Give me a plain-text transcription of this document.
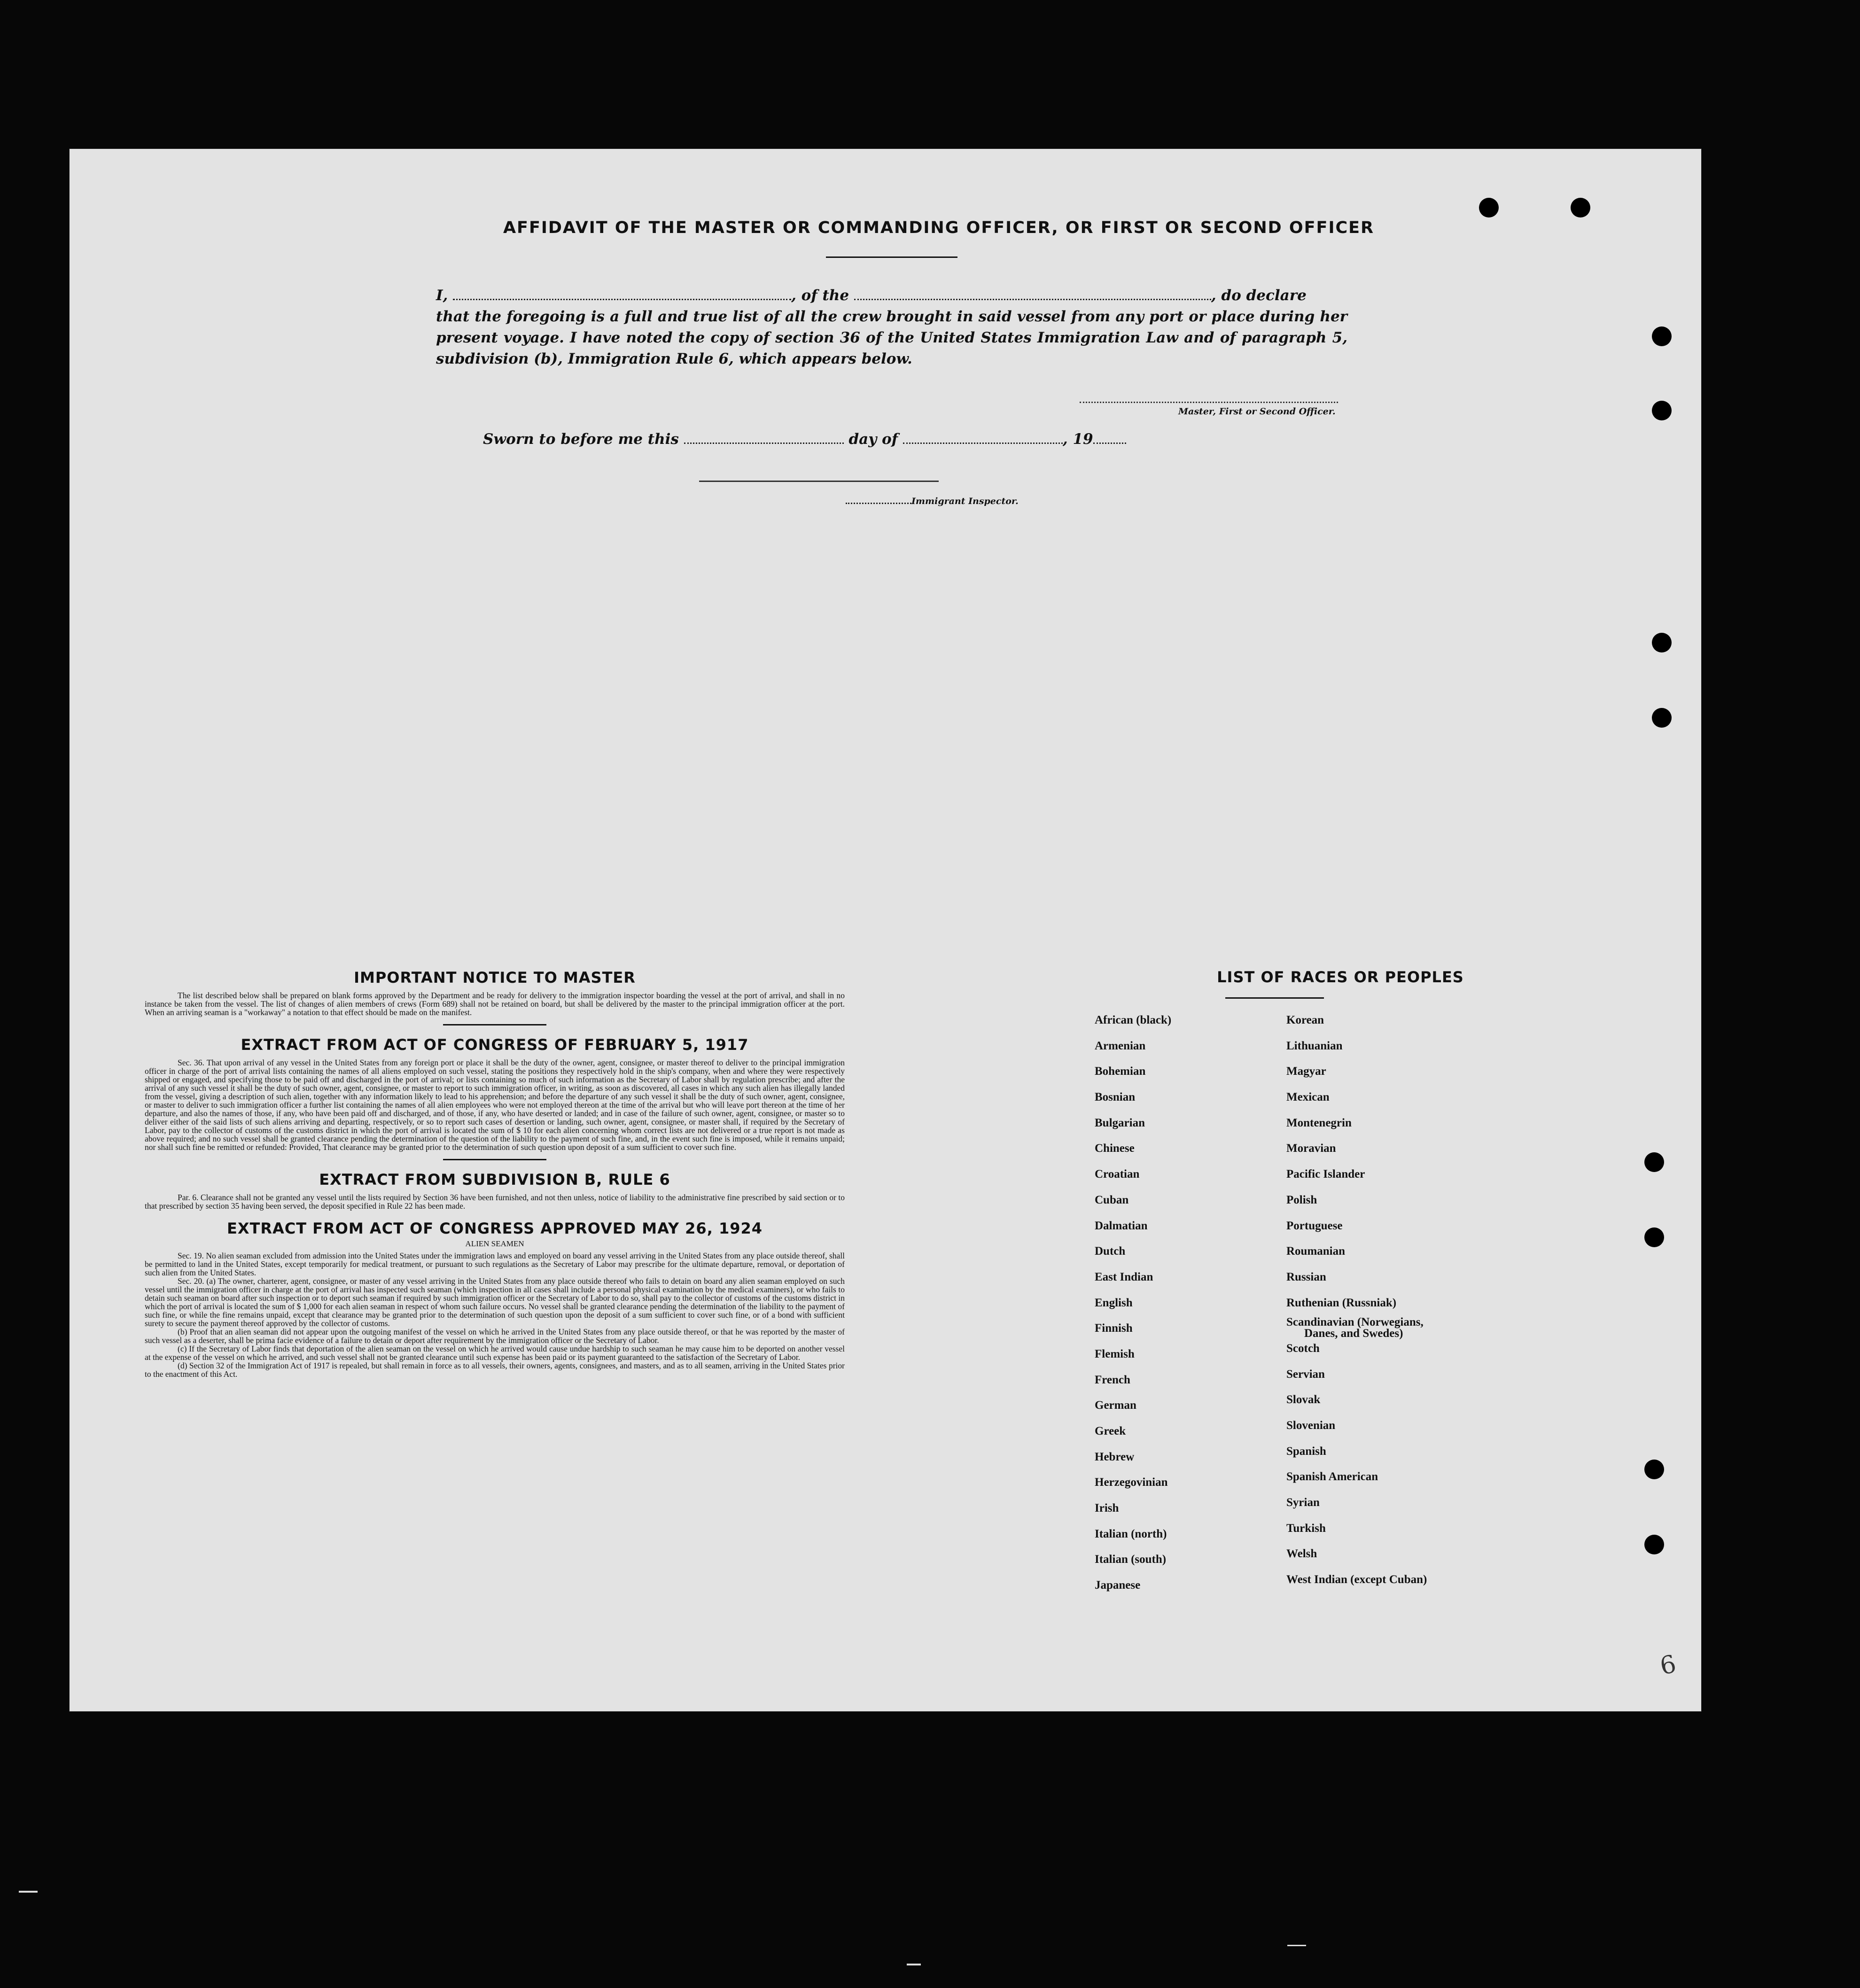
AFFIDAVIT OF THE MASTER OR COMMANDING OFFICER, OR FIRST OR SECOND OFFICER
I,	, of the	, do declare
that the foregoing is a full and true list of all the crew brought in said vessel from any port or place during her present voyage. I have noted the copy of section 36 of the United States Immigration Law and of paragraph 5, subdivision (b), Immigration Rule 6, which appears below.
Master, First or Second Officer.
Sworn to before me this	day of	, 19
Immigrant Inspector.
IMPORTANT NOTICE TO MASTER

The list described below shall be prepared on blank forms approved by the Department and be ready for delivery to the immigration inspector boarding the vessel at the port of arrival, and shall in no instance be taken from the vessel. The list of changes of alien members of crews (Form 689) shall not be retained on board, but shall be delivered by the master to the principal immigration officer at the port. When an arriving seaman is a "workaway" a notation to that effect should be made on the manifest.

EXTRACT FROM ACT OF CONGRESS OF FEBRUARY 5, 1917

Sec. 36. That upon arrival of any vessel in the United States from any foreign port or place it shall be the duty of the owner, agent, consignee, or master thereof to deliver to the principal immigration officer in charge of the port of arrival lists containing the names of all aliens employed on such vessel, stating the positions they respectively hold in the ship's company, when and where they were respectively shipped or engaged, and specifying those to be paid off and discharged in the port of arrival; or lists containing so much of such information as the Secretary of Labor shall by regulation prescribe; and after the arrival of any such vessel it shall be the duty of such owner, agent, consignee, or master to report to such immigration officer, in writing, as soon as discovered, all cases in which any such alien has illegally landed from the vessel, giving a description of such alien, together with any information likely to lead to his apprehension; and before the departure of any such vessel it shall be the duty of such owner, agent, consignee, or master to deliver to such immigration officer a further list containing the names of all alien employees who were not employed thereon at the time of the arrival but who will leave port thereon at the time of her departure, and also the names of those, if any, who have been paid off and discharged, and of those, if any, who have deserted or landed; and in case of the failure of such owner, agent, consignee, or master so to deliver either of the said lists of such aliens arriving and departing, respectively, or so to report such cases of desertion or landing, such owner, agent, consignee, or master shall, if required by the Secretary of Labor, pay to the collector of customs of the customs district in which the port of arrival is located the sum of $ 10 for each alien concerning whom correct lists are not delivered or a true report is not made as above required; and no such vessel shall be granted clearance pending the determination of the question of the liability to the payment of such fine, and, in the event such fine is imposed, while it remains unpaid; nor shall such fine be remitted or refunded: Provided, That clearance may be granted prior to the determination of such question upon deposit of a sum sufficient to cover such fine.

EXTRACT FROM SUBDIVISION B, RULE 6

Par. 6. Clearance shall not be granted any vessel until the lists required by Section 36 have been furnished, and not then unless, notice of liability to the administrative fine prescribed by said section or to that prescribed by section 35 having been served, the deposit specified in Rule 22 has been made.

EXTRACT FROM ACT OF CONGRESS APPROVED MAY 26, 1924
ALIEN SEAMEN

Sec. 19. No alien seaman excluded from admission into the United States under the immigration laws and employed on board any vessel arriving in the United States from any place outside thereof, shall be permitted to land in the United States, except temporarily for medical treatment, or pursuant to such regulations as the Secretary of Labor may prescribe for the ultimate departure, removal, or deportation of such alien from the United States.

Sec. 20. (a) The owner, charterer, agent, consignee, or master of any vessel arriving in the United States from any place outside thereof who fails to detain on board any alien seaman employed on such vessel until the immigration officer in charge at the port of arrival has inspected such seaman (which inspection in all cases shall include a personal physical examination by the medical examiners), or who fails to detain such seaman on board after such inspection or to deport such seaman if required by such immigration officer or the Secretary of Labor to do so, shall pay to the collector of customs of the customs district in which the port of arrival is located the sum of $ 1,000 for each alien seaman in respect of whom such failure occurs. No vessel shall be granted clearance pending the determination of the liability to the payment of such fine, or while the fine remains unpaid, except that clearance may be granted prior to the determination of such question upon the deposit of a sum sufficient to cover such fine, or of a bond with sufficient surety to secure the payment thereof approved by the collector of customs.

(b) Proof that an alien seaman did not appear upon the outgoing manifest of the vessel on which he arrived in the United States from any place outside thereof, or that he was reported by the master of such vessel as a deserter, shall be prima facie evidence of a failure to detain or deport after requirement by the immigration officer or the Secretary of Labor.

(c) If the Secretary of Labor finds that deportation of the alien seaman on the vessel on which he arrived would cause undue hardship to such seaman he may cause him to be deported on another vessel at the expense of the vessel on which he arrived, and such vessel shall not be granted clearance until such expense has been paid or its payment guaranteed to the satisfaction of the Secretary of Labor.

(d) Section 32 of the Immigration Act of 1917 is repealed, but shall remain in force as to all vessels, their owners, agents, consignees, and masters, and as to all seamen, arriving in the United States prior to the enactment of this Act.

LIST OF RACES OR PEOPLES
African (black)
Armenian
Bohemian
Bosnian
Bulgarian
Chinese
Croatian
Cuban
Dalmatian
Dutch
East Indian
English
Finnish
Flemish
French
German
Greek
Hebrew
Herzegovinian
Irish
Italian (north)
Italian (south)
Japanese
Korean
Lithuanian
Magyar
Mexican
Montenegrin
Moravian
Pacific Islander
Polish
Portuguese
Roumanian
Russian
Ruthenian (Russniak)
Scandinavian (Norwegians,
Danes, and Swedes)
Scotch
Servian
Slovak
Slovenian
Spanish
Spanish American
Syrian
Turkish
Welsh
West Indian (except Cuban)
6
